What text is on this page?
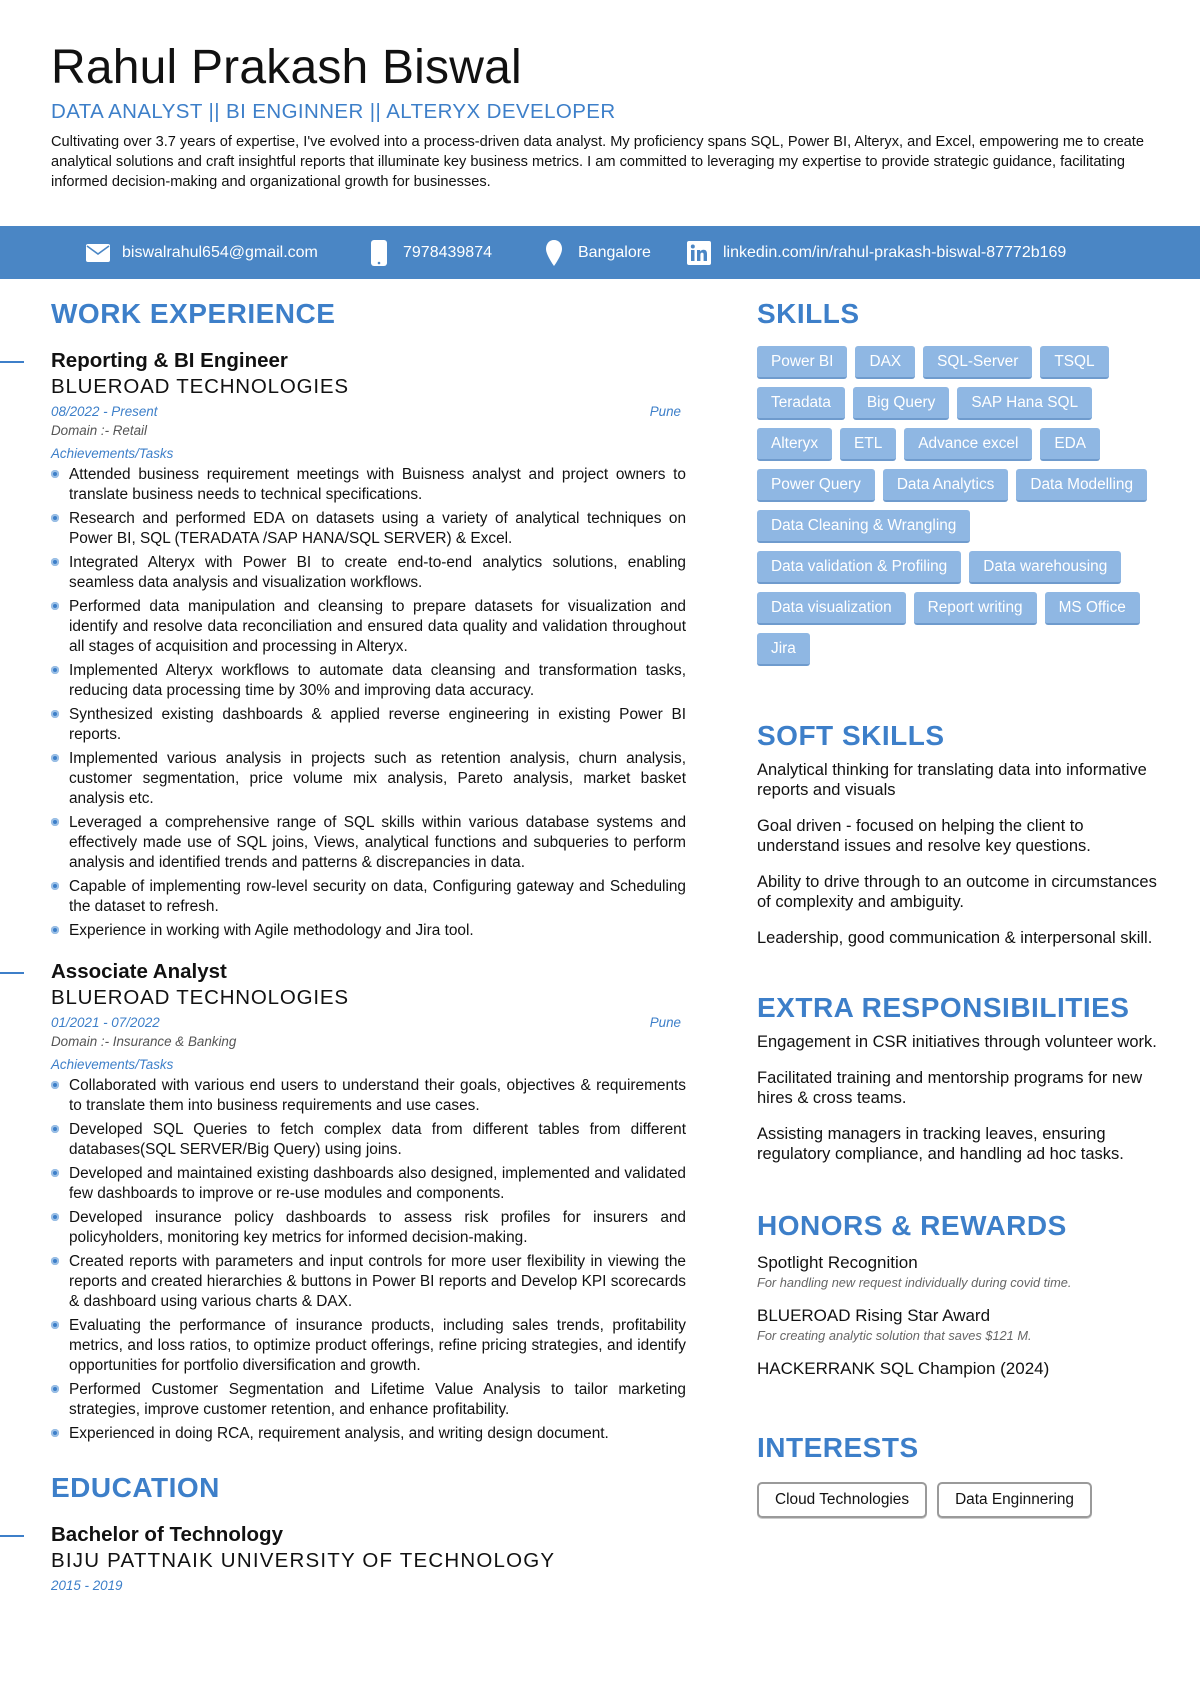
Rahul Prakash Biswal
DATA ANALYST || BI ENGINNER || ALTERYX DEVELOPER
Cultivating over 3.7 years of expertise, I've evolved into a process-driven data analyst. My proficiency spans SQL, Power BI, Alteryx, and Excel, empowering me to create analytical solutions and craft insightful reports that illuminate key business metrics. I am committed to leveraging my expertise to provide strategic guidance, facilitating informed decision-making and organizational growth for businesses.
biswalrahul654@gmail.com	7978439874	Bangalore	linkedin.com/in/rahul-prakash-biswal-87772b169
WORK EXPERIENCE
Reporting & BI Engineer
BLUEROAD TECHNOLOGIES
08/2022 - Present	Pune
Domain :- Retail
Achievements/Tasks
Attended business requirement meetings with Buisness analyst and project owners to translate business needs to technical specifications.
Research and performed EDA on datasets using a variety of analytical techniques on Power BI, SQL (TERADATA /SAP HANA/SQL SERVER) & Excel.
Integrated Alteryx with Power BI to create end-to-end analytics solutions, enabling seamless data analysis and visualization workflows.
Performed data manipulation and cleansing to prepare datasets for visualization and identify and resolve data reconciliation and ensured data quality and validation throughout all stages of acquisition and processing in Alteryx.
Implemented Alteryx workflows to automate data cleansing and transformation tasks, reducing data processing time by 30% and improving data accuracy.
Synthesized existing dashboards & applied reverse engineering in existing Power BI reports.
Implemented various analysis in projects such as retention analysis, churn analysis, customer segmentation, price volume mix analysis, Pareto analysis, market basket analysis etc.
Leveraged a comprehensive range of SQL skills within various database systems and effectively made use of SQL joins, Views, analytical functions and subqueries to perform analysis and identified trends and patterns & discrepancies in data.
Capable of implementing row-level security on data, Configuring gateway and Scheduling the dataset to refresh.
Experience in working with Agile methodology and Jira tool.
Associate Analyst
BLUEROAD TECHNOLOGIES
01/2021 - 07/2022	Pune
Domain :- Insurance & Banking
Achievements/Tasks
Collaborated with various end users to understand their goals, objectives & requirements to translate them into business requirements and use cases.
Developed SQL Queries to fetch complex data from different tables from different databases(SQL SERVER/Big Query) using joins.
Developed and maintained existing dashboards also designed, implemented and validated few dashboards to improve or re-use modules and components.
Developed insurance policy dashboards to assess risk profiles for insurers and policyholders, monitoring key metrics for informed decision-making.
Created reports with parameters and input controls for more user flexibility in viewing the reports and created hierarchies & buttons in Power BI reports and Develop KPI scorecards & dashboard using various charts & DAX.
Evaluating the performance of insurance products, including sales trends, profitability metrics, and loss ratios, to optimize product offerings, refine pricing strategies, and identify opportunities for portfolio diversification and growth.
Performed Customer Segmentation and Lifetime Value Analysis to tailor marketing strategies, improve customer retention, and enhance profitability.
Experienced in doing RCA, requirement analysis, and writing design document.
EDUCATION
Bachelor of Technology
BIJU PATTNAIK UNIVERSITY OF TECHNOLOGY
2015 - 2019
SKILLS
Power BI	DAX	SQL-Server	TSQL
Teradata	Big Query	SAP Hana SQL
Alteryx	ETL	Advance excel	EDA
Power Query	Data Analytics	Data Modelling
Data Cleaning & Wrangling
Data validation & Profiling	Data warehousing
Data visualization	Report writing	MS Office
Jira
SOFT SKILLS
Analytical thinking for translating data into informative reports and visuals
Goal driven - focused on helping the client to understand issues and resolve key questions.
Ability to drive through to an outcome in circumstances of complexity and ambiguity.
Leadership, good communication & interpersonal skill.
EXTRA RESPONSIBILITIES
Engagement in CSR initiatives through volunteer work.
Facilitated training and mentorship programs for new hires & cross teams.
Assisting managers in tracking leaves, ensuring regulatory compliance, and handling ad hoc tasks.
HONORS & REWARDS
Spotlight Recognition
For handling new request individually during covid time.
BLUEROAD Rising Star Award
For creating analytic solution that saves $121 M.
HACKERRANK SQL Champion (2024)
INTERESTS
Cloud Technologies	Data Enginnering
